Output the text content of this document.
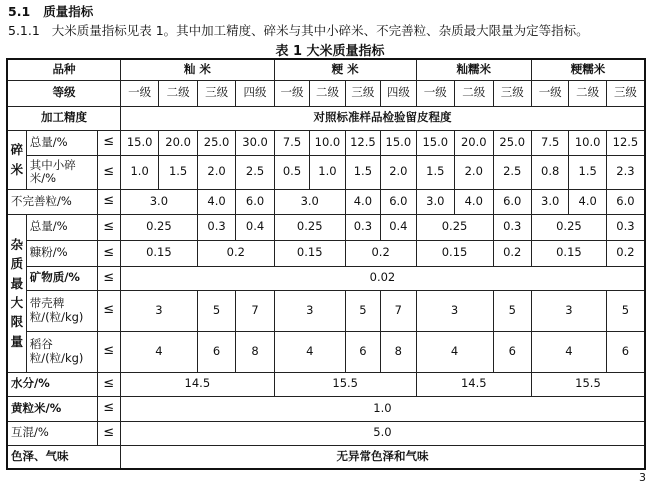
5.1 质量指标
5.1.1 大米质量指标见表 1。其中加工精度、碎米与其中小碎米、不完善粒、杂质最大限量为定等指标。
表 1 大米质量指标
品种			籼 米				粳 米				籼糯米			粳糯米		
等级			一级	二级	三级	四级	一级	二级	三级	四级	一级	二级	三级	一级	二级	三级
加工精度			对照标准样品检验留皮程度													
碎米	总量/%	≤	15.0	20.0	25.0	30.0	7.5	10.0	12.5	15.0	15.0	20.0	25.0	7.5	10.0	12.5
	其中小碎米/%	≤	1.0	1.5	2.0	2.5	0.5	1.0	1.5	2.0	1.5	2.0	2.5	0.8	1.5	2.3
不完善粒/%		≤	3.0		4.0	6.0	3.0		4.0	6.0	3.0	4.0	6.0	3.0	4.0	6.0
杂质最大限量	总量/%	≤	0.25		0.3	0.4	0.25		0.3	0.4	0.25		0.3	0.25		0.3
	糠粉/%	≤	0.15		0.2		0.15		0.2		0.15		0.2	0.15		0.2
	矿物质/%	≤	0.02													
	带壳稗粒/(粒/kg)	≤	3		5	7	3		5	7	3		5	3		5
	稻谷粒/(粒/kg)	≤	4		6	8	4		6	8	4		6	4		6
水分/%		≤	14.5				15.5				14.5			15.5		
黄粒米/%		≤	1.0													
互混/%		≤	5.0													
色泽、气味			无异常色泽和气味													
3
